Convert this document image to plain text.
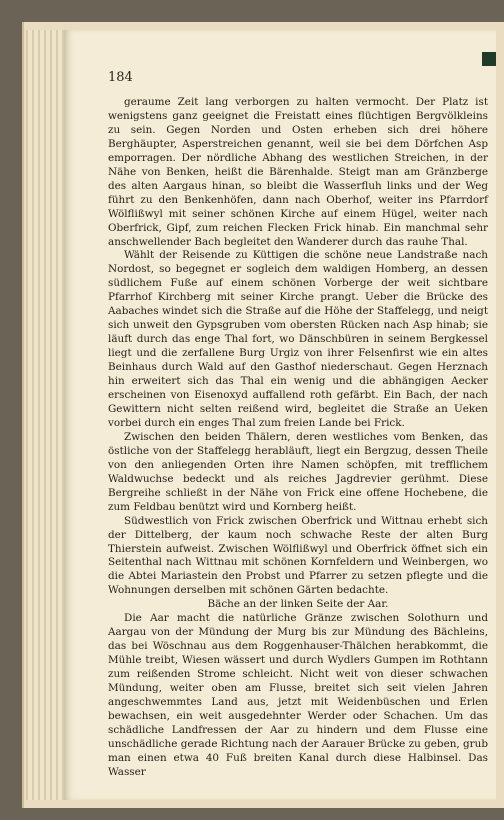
184

geraume Zeit lang verborgen zu halten vermocht. Der Platz ist wenigstens ganz geeignet die Freistatt eines flüchtigen Bergvölkleins zu sein. Gegen Norden und Osten erheben sich drei höhere Berghäupter, Asperstreichen genannt, weil sie bei dem Dörfchen Asp emporragen. Der nördliche Abhang des westlichen Streichen, in der Nähe von Benken, heißt die Bärenhalde. Steigt man am Gränzberge des alten Aargaus hinan, so bleibt die Wasserfluh links und der Weg führt zu den Benkenhöfen, dann nach Oberhof, weiter ins Pfarrdorf Wölflißwyl mit seiner schönen Kirche auf einem Hügel, weiter nach Oberfrick, Gipf, zum reichen Flecken Frick hinab. Ein manchmal sehr anschwellender Bach begleitet den Wanderer durch das rauhe Thal.

Wählt der Reisende zu Küttigen die schöne neue Landstraße nach Nordost, so begegnet er sogleich dem waldigen Homberg, an dessen südlichem Fuße auf einem schönen Vorberge der weit sichtbare Pfarrhof Kirchberg mit seiner Kirche prangt. Ueber die Brücke des Aabaches windet sich die Straße auf die Höhe der Staffelegg, und neigt sich unweit den Gypsgruben vom obersten Rücken nach Asp hinab; sie läuft durch das enge Thal fort, wo Dänschbüren in seinem Bergkessel liegt und die zerfallene Burg Urgiz von ihrer Felsenfirst wie ein altes Beinhaus durch Wald auf den Gasthof niederschaut. Gegen Herznach hin erweitert sich das Thal ein wenig und die abhängigen Aecker erscheinen von Eisenoxyd auffallend roth gefärbt. Ein Bach, der nach Gewittern nicht selten reißend wird, begleitet die Straße an Ueken vorbei durch ein enges Thal zum freien Lande bei Frick.

Zwischen den beiden Thälern, deren westliches vom Benken, das östliche von der Staffelegg herabläuft, liegt ein Bergzug, dessen Theile von den anliegenden Orten ihre Namen schöpfen, mit trefflichem Waldwuchse bedeckt und als reiches Jagdrevier gerühmt. Diese Bergreihe schließt in der Nähe von Frick eine offene Hochebene, die zum Feldbau benützt wird und Kornberg heißt.

Südwestlich von Frick zwischen Oberfrick und Wittnau erhebt sich der Dittelberg, der kaum noch schwache Reste der alten Burg Thierstein aufweist. Zwischen Wölflißwyl und Oberfrick öffnet sich ein Seitenthal nach Wittnau mit schönen Kornfeldern und Weinbergen, wo die Abtei Mariastein den Probst und Pfarrer zu setzen pflegte und die Wohnungen derselben mit schönen Gärten bedachte.

Bäche an der linken Seite der Aar.

Die Aar macht die natürliche Gränze zwischen Solothurn und Aargau von der Mündung der Murg bis zur Mündung des Bächleins, das bei Wöschnau aus dem Roggenhauser-Thälchen herabkommt, die Mühle treibt, Wiesen wässert und durch Wydlers Gumpen im Rothtann zum reißenden Strome schleicht. Nicht weit von dieser schwachen Mündung, weiter oben am Flusse, breitet sich seit vielen Jahren angeschwemmtes Land aus, jetzt mit Weidenbüschen und Erlen bewachsen, ein weit ausgedehnter Werder oder Schachen. Um das schädliche Landfressen der Aar zu hindern und dem Flusse eine unschädliche gerade Richtung nach der Aarauer Brücke zu geben, grub man einen etwa 40 Fuß breiten Kanal durch diese Halbinsel. Das Wasser
